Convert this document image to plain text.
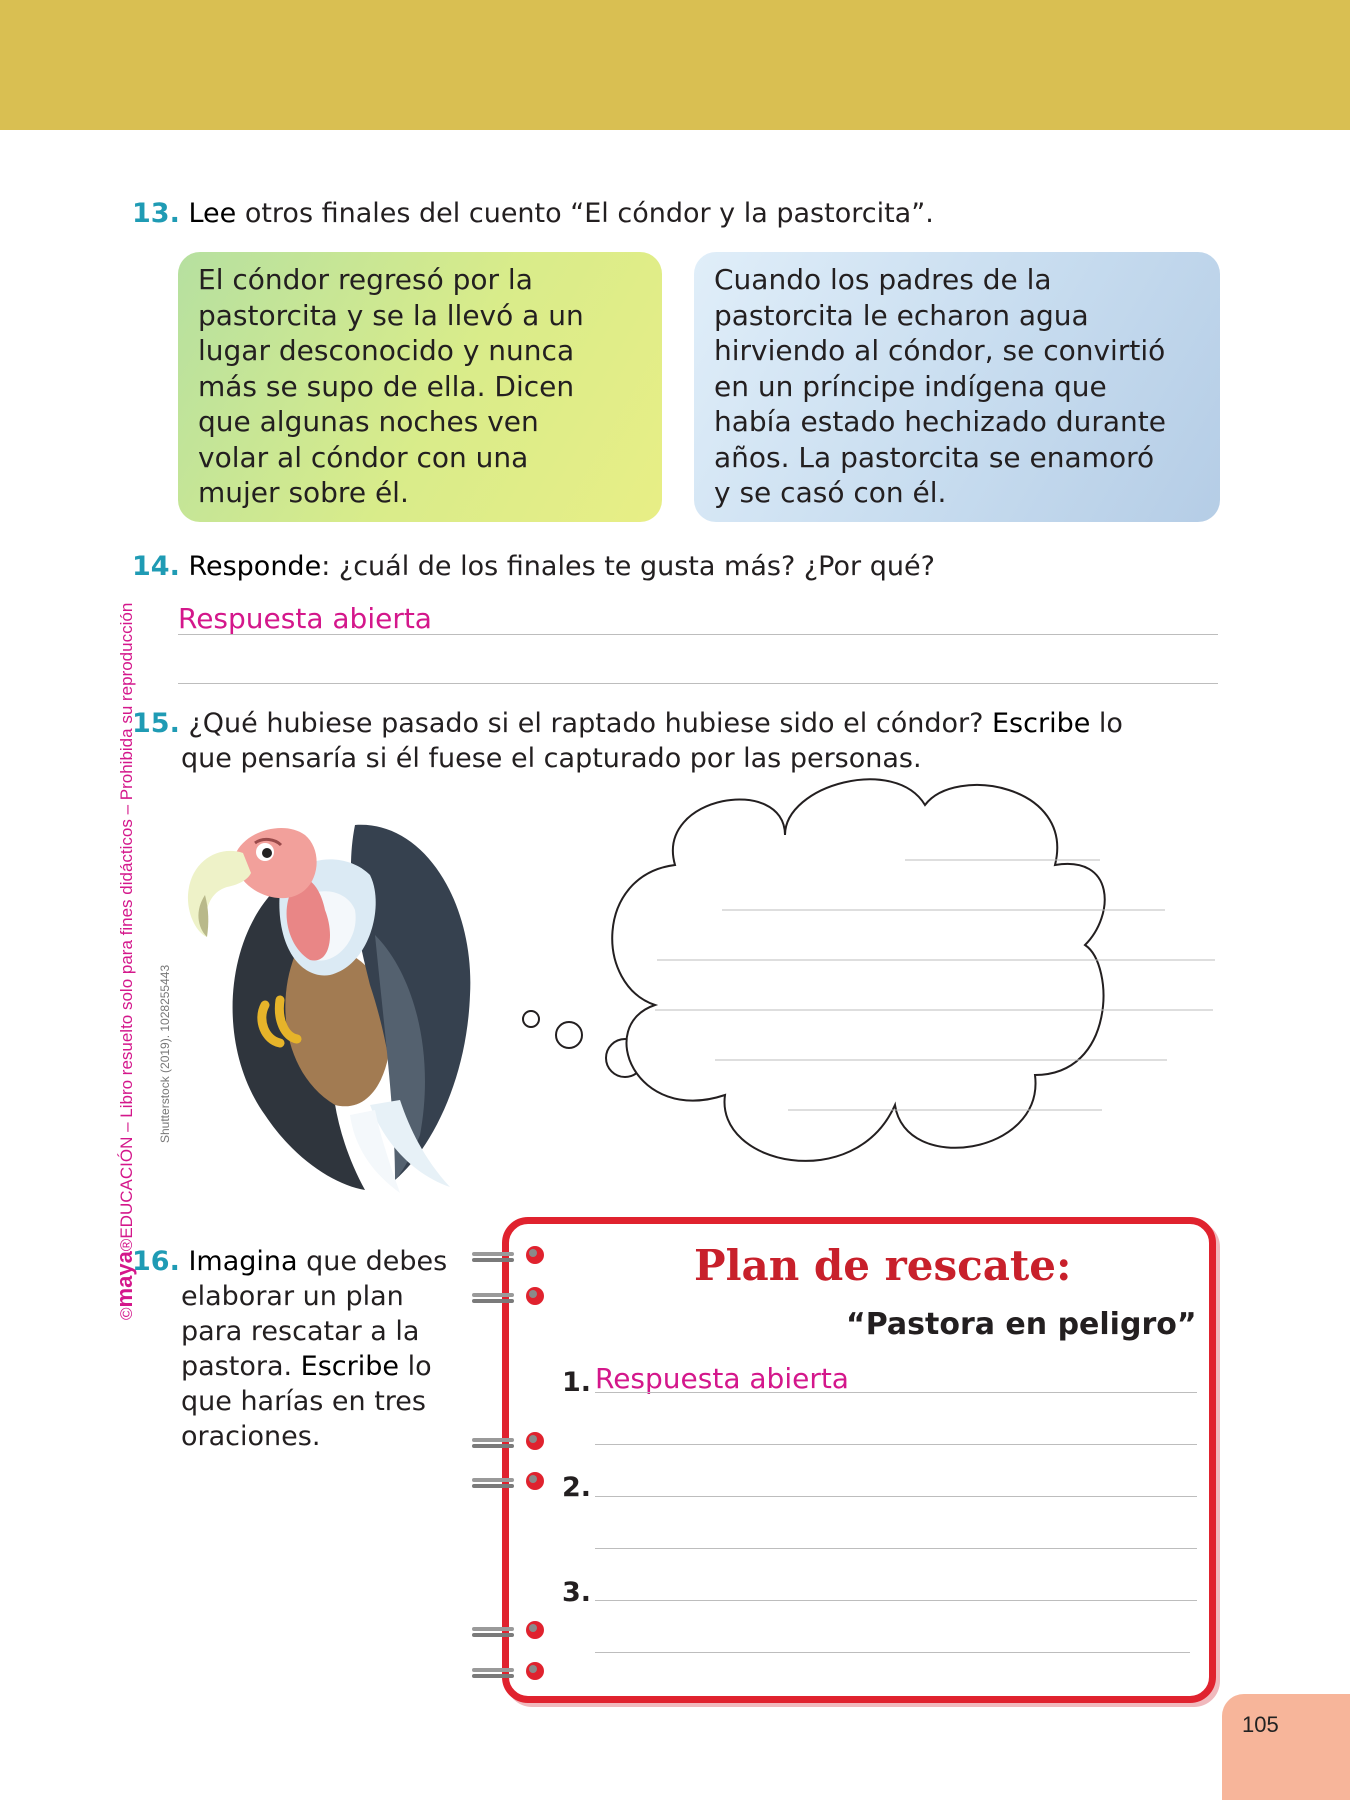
13. Lee otros finales del cuento “El cóndor y la pastorcita”.
El cóndor regresó por la
pastorcita y se la llevó a un
lugar desconocido y nunca
más se supo de ella. Dicen
que algunas noches ven
volar al cóndor con una
mujer sobre él.
Cuando los padres de la
pastorcita le echaron agua
hirviendo al cóndor, se convirtió
en un príncipe indígena que
había estado hechizado durante
años. La pastorcita se enamoró
y se casó con él.
14. Responde: ¿cuál de los finales te gusta más? ¿Por qué?
Respuesta abierta
15. ¿Qué hubiese pasado si el raptado hubiese sido el cóndor? Escribe lo
que pensaría si él fuese el capturado por las personas.
Shutterstock (2019). 1028255443
16. Imagina que debes
elaborar un plan
para rescatar a la
pastora. Escribe lo
que harías en tres
oraciones.
Plan de rescate:
“Pastora en peligro”
1. Respuesta abierta
2.
3.
©maya®EDUCACIÓN – Libro resuelto solo para fines didácticos – Prohibida su reproducción
105
